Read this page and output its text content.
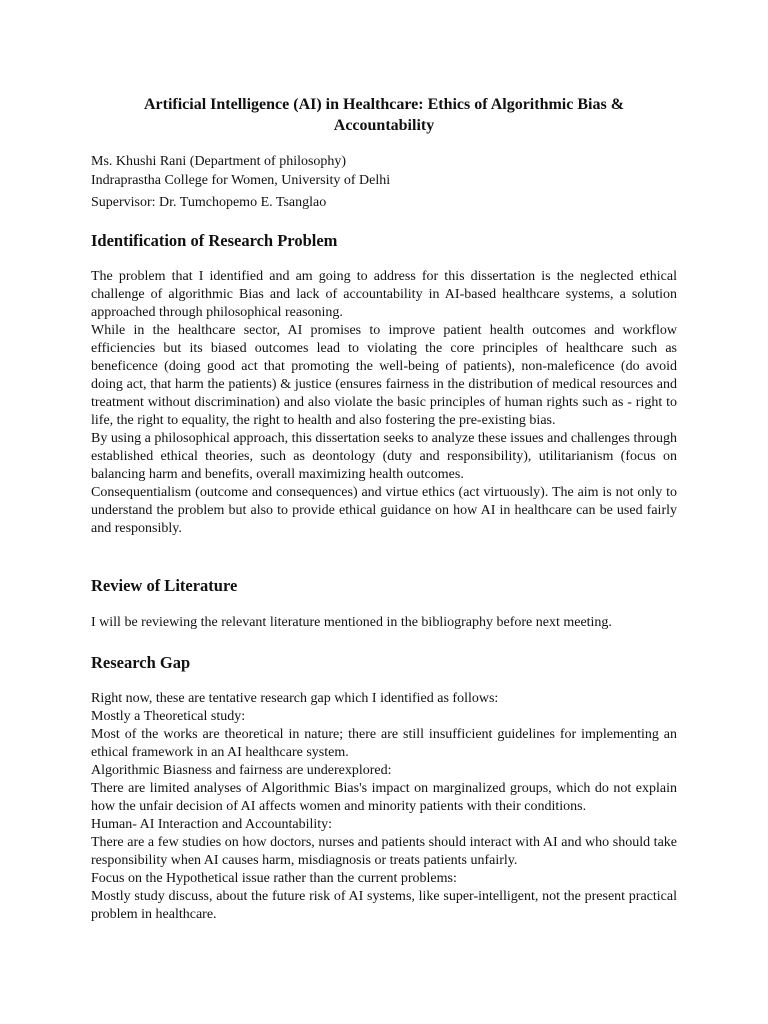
Artificial Intelligence (AI) in Healthcare: Ethics of Algorithmic Bias &
Accountability
Ms. Khushi Rani (Department of philosophy)
Indraprastha College for Women, University of Delhi
Supervisor: Dr. Tumchopemo E. Tsanglao
Identification of Research Problem

The problem that I identified and am going to address for this dissertation is the neglected ethical challenge of algorithmic Bias and lack of accountability in AI-based healthcare systems, a solution approached through philosophical reasoning.

While in the healthcare sector, AI promises to improve patient health outcomes and workflow efficiencies but its biased outcomes lead to violating the core principles of healthcare such as beneficence (doing good act that promoting the well-being of patients), non-maleficence (do avoid doing act, that harm the patients) & justice (ensures fairness in the distribution of medical resources and treatment without discrimination) and also violate the basic principles of human rights such as - right to life, the right to equality, the right to health and also fostering the pre-existing bias.

By using a philosophical approach, this dissertation seeks to analyze these issues and challenges through established ethical theories, such as deontology (duty and responsibility), utilitarianism (focus on balancing harm and benefits, overall maximizing health outcomes.

Consequentialism (outcome and consequences) and virtue ethics (act virtuously). The aim is not only to understand the problem but also to provide ethical guidance on how AI in healthcare can be used fairly and responsibly.

Review of Literature

I will be reviewing the relevant literature mentioned in the bibliography before next meeting.

Research Gap

Right now, these are tentative research gap which I identified as follows:

Mostly a Theoretical study:

Most of the works are theoretical in nature; there are still insufficient guidelines for implementing an ethical framework in an AI healthcare system.

Algorithmic Biasness and fairness are underexplored:

There are limited analyses of Algorithmic Bias's impact on marginalized groups, which do not explain how the unfair decision of AI affects women and minority patients with their conditions.

Human- AI Interaction and Accountability:

There are a few studies on how doctors, nurses and patients should interact with AI and who should take responsibility when AI causes harm, misdiagnosis or treats patients unfairly.

Focus on the Hypothetical issue rather than the current problems:

Mostly study discuss, about the future risk of AI systems, like super-intelligent, not the present practical problem in healthcare.
